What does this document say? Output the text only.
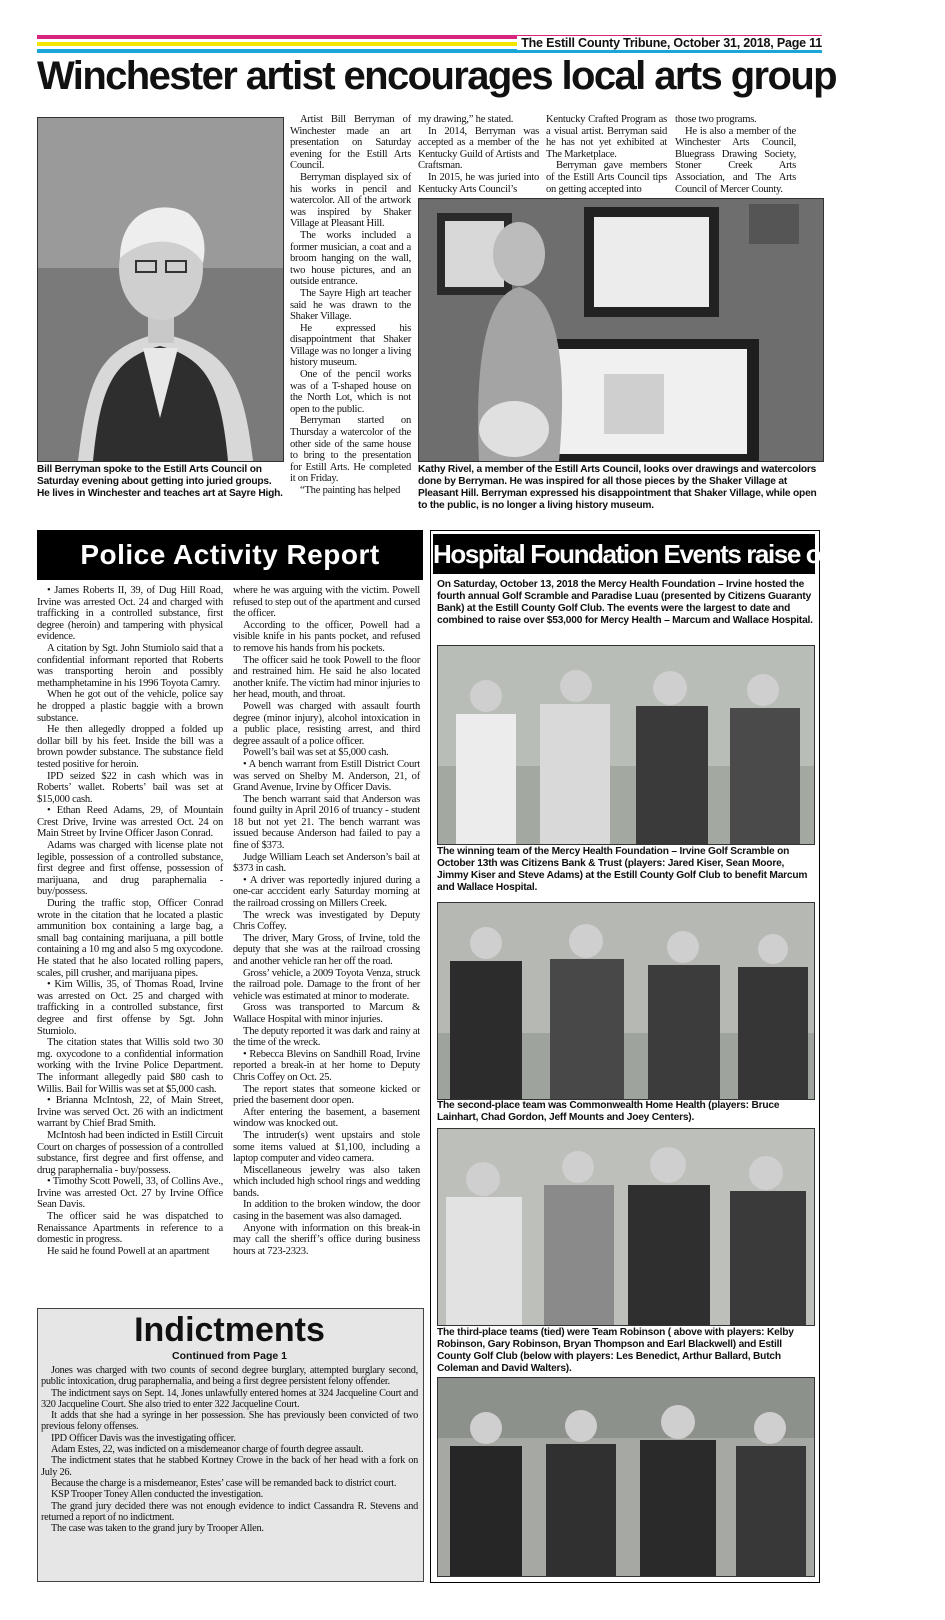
The Estill County Tribune, October 31, 2018, Page 11
Winchester artist encourages local arts group
Bill Berryman spoke to the Estill Arts Council on Saturday evening about getting into juried groups. He lives in Winchester and teaches art at Sayre High.

Artist Bill Berryman of Winchester made an art presentation on Saturday evening for the Estill Arts Council.

Berryman displayed six of his works in pencil and watercolor. All of the artwork was inspired by Shaker Village at Pleasant Hill.

The works included a former musician, a coat and a broom hanging on the wall, two house pictures, and an outside entrance.

The Sayre High art teacher said he was drawn to the Shaker Village.

He expressed his disappointment that Shaker Village was no longer a living history museum.

One of the pencil works was of a T-shaped house on the North Lot, which is not open to the public.

Berryman started on Thursday a watercolor of the other side of the same house to bring to the presentation for Estill Arts. He completed it on Friday.

“The painting has helped

my drawing,” he stated.

In 2014, Berryman was accepted as a member of the Kentucky Guild of Artists and Craftsman.

In 2015, he was juried into Kentucky Arts Council’s

Kentucky Crafted Program as a visual artist. Berryman said he has not yet exhibited at The Marketplace.

Berryman gave members of the Estill Arts Council tips on getting accepted into

those two programs.

He is also a member of the Winchester Arts Council, Bluegrass Drawing Society, Stoner Creek Arts Association, and The Arts Council of Mercer County.

Kathy Rivel, a member of the Estill Arts Council, looks over drawings and watercolors done by Berryman. He was inspired for all those pieces by the Shaker Village at Pleasant Hill. Berryman expressed his disappointment that Shaker Village, while open to the public, is no longer a living history museum.
Police Activity Report

• James Roberts II, 39, of Dug Hill Road, Irvine was arrested Oct. 24 and charged with trafficking in a controlled substance, first degree (heroin) and tampering with physical evidence.

A citation by Sgt. John Stumiolo said that a confidential informant reported that Roberts was transporting heroin and possibly methamphetamine in his 1996 Toyota Camry.

When he got out of the vehicle, police say he dropped a plastic baggie with a brown substance.

He then allegedly dropped a folded up dollar bill by his feet. Inside the bill was a brown powder substance. The substance field tested positive for heroin.

IPD seized $22 in cash which was in Roberts’ wallet. Roberts’ bail was set at $15,000 cash.

• Ethan Reed Adams, 29, of Mountain Crest Drive, Irvine was arrested Oct. 24 on Main Street by Irvine Officer Jason Conrad.

Adams was charged with license plate not legible, possession of a controlled substance, first degree and first offense, possession of marijuana, and drug paraphernalia - buy/possess.

During the traffic stop, Officer Conrad wrote in the citation that he located a plastic ammunition box containing a large bag, a small bag containing marijuana, a pill bottle containing a 10 mg and also 5 mg oxycodone. He stated that he also located rolling papers, scales, pill crusher, and marijuana pipes.

• Kim Willis, 35, of Thomas Road, Irvine was arrested on Oct. 25 and charged with trafficking in a controlled substance, first degree and first offense by Sgt. John Stumiolo.

The citation states that Willis sold two 30 mg. oxycodone to a confidential information working with the Irvine Police Department. The informant allegedly paid $80 cash to Willis. Bail for Willis was set at $5,000 cash.

• Brianna McIntosh, 22, of Main Street, Irvine was served Oct. 26 with an indictment warrant by Chief Brad Smith.

McIntosh had been indicted in Estill Circuit Court on charges of possession of a controlled substance, first degree and first offense, and drug paraphernalia - buy/possess.

• Timothy Scott Powell, 33, of Collins Ave., Irvine was arrested Oct. 27 by Irvine Office Sean Davis.

The officer said he was dispatched to Renaissance Apartments in reference to a domestic in progress.

He said he found Powell at an apartment

where he was arguing with the victim. Powell refused to step out of the apartment and cursed the officer.

According to the officer, Powell had a visible knife in his pants pocket, and refused to remove his hands from his pockets.

The officer said he took Powell to the floor and restrained him. He said he also located another knife. The victim had minor injuries to her head, mouth, and throat.

Powell was charged with assault fourth degree (minor injury), alcohol intoxication in a public place, resisting arrest, and third degree assault of a police officer.

Powell’s bail was set at $5,000 cash.

• A bench warrant from Estill District Court was served on Shelby M. Anderson, 21, of Grand Avenue, Irvine by Officer Davis.

The bench warrant said that Anderson was found guilty in April 2016 of truancy - student 18 but not yet 21. The bench warrant was issued because Anderson had failed to pay a fine of $373.

Judge William Leach set Anderson’s bail at $373 in cash.

• A driver was reportedly injured during a one-car acccident early Saturday morning at the railroad crossing on Millers Creek.

The wreck was investigated by Deputy Chris Coffey.

The driver, Mary Gross, of Irvine, told the deputy that she was at the railroad crossing and another vehicle ran her off the road.

Gross’ vehicle, a 2009 Toyota Venza, struck the railroad pole. Damage to the front of her vehicle was estimated at minor to moderate.

Gross was transported to Marcum & Wallace Hospital with minor injuries.

The deputy reported it was dark and rainy at the time of the wreck.

• Rebecca Blevins on Sandhill Road, Irvine reported a break-in at her home to Deputy Chris Coffey on Oct. 25.

The report states that someone kicked or pried the basement door open.

After entering the basement, a basement window was knocked out.

The intruder(s) went upstairs and stole some items valued at $1,100, including a laptop computer and video camera.

Miscellaneous jewelry was also taken which included high school rings and wedding bands.

In addition to the broken window, the door casing in the basement was also damaged.

Anyone with information on this break-in may call the sheriff’s office during business hours at 723-2323.

Indictments
Continued from Page 1

Jones was charged with two counts of second degree burglary, attempted burglary second, public intoxication, drug paraphernalia, and being a first degree persistent felony offender.

The indictment says on Sept. 14, Jones unlawfully entered homes at 324 Jacqueline Court and 320 Jacqueline Court. She also tried to enter 322 Jacqueline Court.

It adds that she had a syringe in her possession. She has previously been convicted of two previous felony offenses.

IPD Officer Davis was the investigating officer.

Adam Estes, 22, was indicted on a misdemeanor charge of fourth degree assault.

The indictment states that he stabbed Kortney Crowe in the back of her head with a fork on July 26.

Because the charge is a misdemeanor, Estes’ case will be remanded back to district court.

KSP Trooper Toney Allen conducted the investigation.

The grand jury decided there was not enough evidence to indict Cassandra R. Stevens and returned a report of no indictment.

The case was taken to the grand jury by Trooper Allen.

Hospital Foundation Events raise over $53,000
On Saturday, October 13, 2018 the Mercy Health Foundation – Irvine hosted the fourth annual Golf Scramble and Paradise Luau (presented by Citizens Guaranty Bank) at the Estill County Golf Club. The events were the largest to date and combined to raise over $53,000 for Mercy Health – Marcum and Wallace Hospital.
The winning team of the Mercy Health Foundation – Irvine Golf Scramble on October 13th was Citizens Bank & Trust (players: Jared Kiser, Sean Moore, Jimmy Kiser and Steve Adams) at the Estill County Golf Club to benefit Marcum and Wallace Hospital.
The second-place team was Commonwealth Home Health (players: Bruce Lainhart, Chad Gordon, Jeff Mounts and Joey Centers).
The third-place teams (tied) were Team Robinson ( above with players: Kelby Robinson, Gary Robinson, Bryan Thompson and Earl Blackwell) and Estill County Golf Club (below with players: Les Benedict, Arthur Ballard, Butch Coleman and David Walters).
